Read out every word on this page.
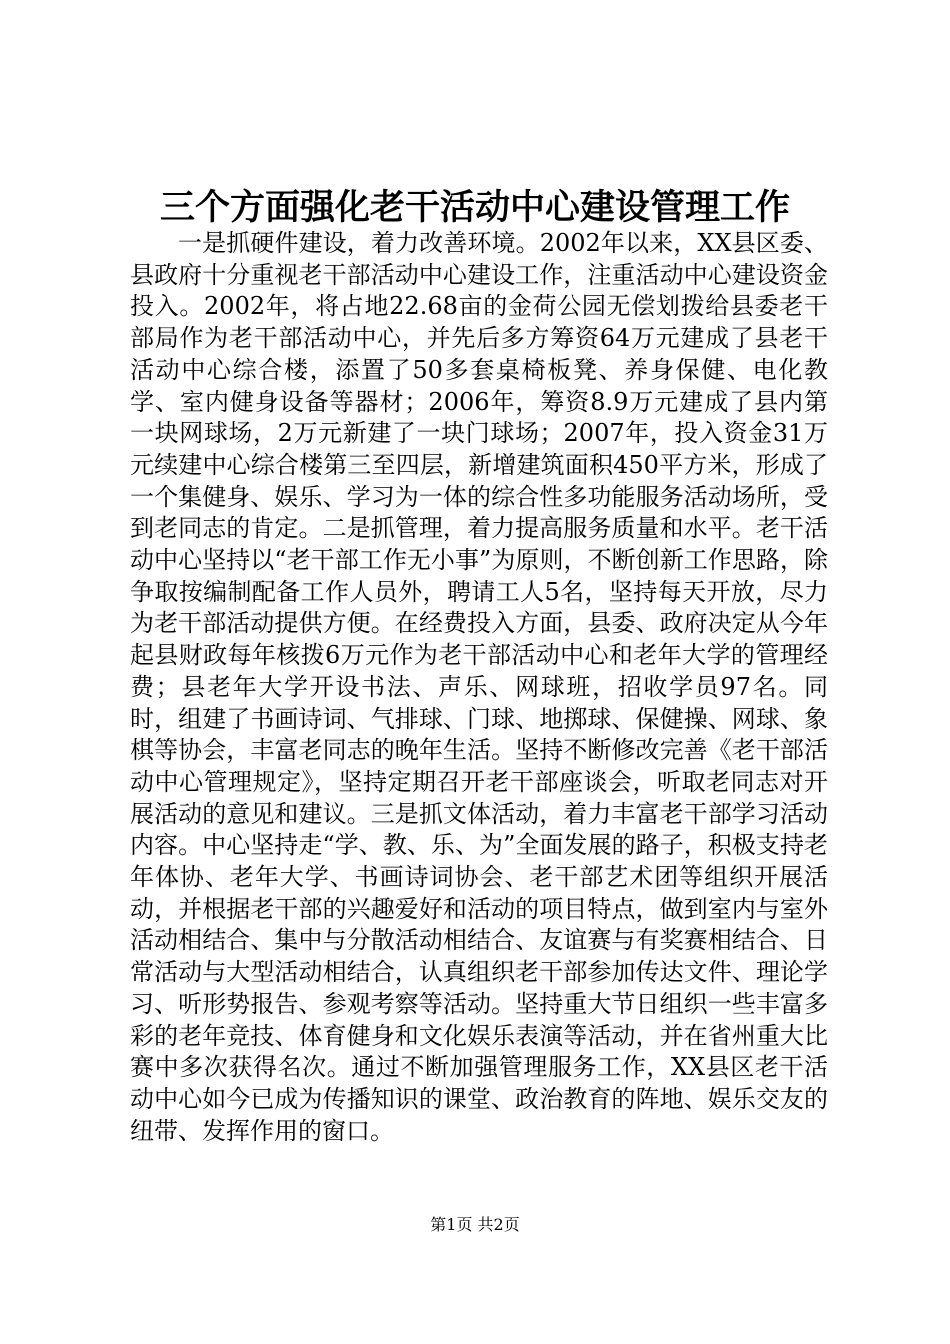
三个方面强化老干活动中心建设管理工作

一是抓硬件建设，着力改善环境。2002年以来，XX县区委、县政府十分重视老干部活动中心建设工作，注重活动中心建设资金投入。2002年，将占地22.68亩的金荷公园无偿划拨给县委老干部局作为老干部活动中心，并先后多方筹资64万元建成了县老干活动中心综合楼，添置了50多套桌椅板凳、养身保健、电化教学、室内健身设备等器材；2006年，筹资8.9万元建成了县内第一块网球场，2万元新建了一块门球场；2007年，投入资金31万元续建中心综合楼第三至四层，新增建筑面积450平方米，形成了一个集健身、娱乐、学习为一体的综合性多功能服务活动场所，受到老同志的肯定。二是抓管理，着力提高服务质量和水平。老干活动中心坚持以“老干部工作无小事”为原则，不断创新工作思路，除争取按编制配备工作人员外，聘请工人5名，坚持每天开放，尽力为老干部活动提供方便。在经费投入方面，县委、政府决定从今年起县财政每年核拨6万元作为老干部活动中心和老年大学的管理经费；县老年大学开设书法、声乐、网球班，招收学员97名。同时，组建了书画诗词、气排球、门球、地掷球、保健操、网球、象棋等协会，丰富老同志的晚年生活。坚持不断修改完善《老干部活动中心管理规定》，坚持定期召开老干部座谈会，听取老同志对开展活动的意见和建议。三是抓文体活动，着力丰富老干部学习活动内容。中心坚持走“学、教、乐、为”全面发展的路子，积极支持老年体协、老年大学、书画诗词协会、老干部艺术团等组织开展活动，并根据老干部的兴趣爱好和活动的项目特点，做到室内与室外活动相结合、集中与分散活动相结合、友谊赛与有奖赛相结合、日常活动与大型活动相结合，认真组织老干部参加传达文件、理论学习、听形势报告、参观考察等活动。坚持重大节日组织一些丰富多彩的老年竞技、体育健身和文化娱乐表演等活动，并在省州重大比赛中多次获得名次。通过不断加强管理服务工作，XX县区老干活动中心如今已成为传播知识的课堂、政治教育的阵地、娱乐交友的纽带、发挥作用的窗口。

第1页 共2页
